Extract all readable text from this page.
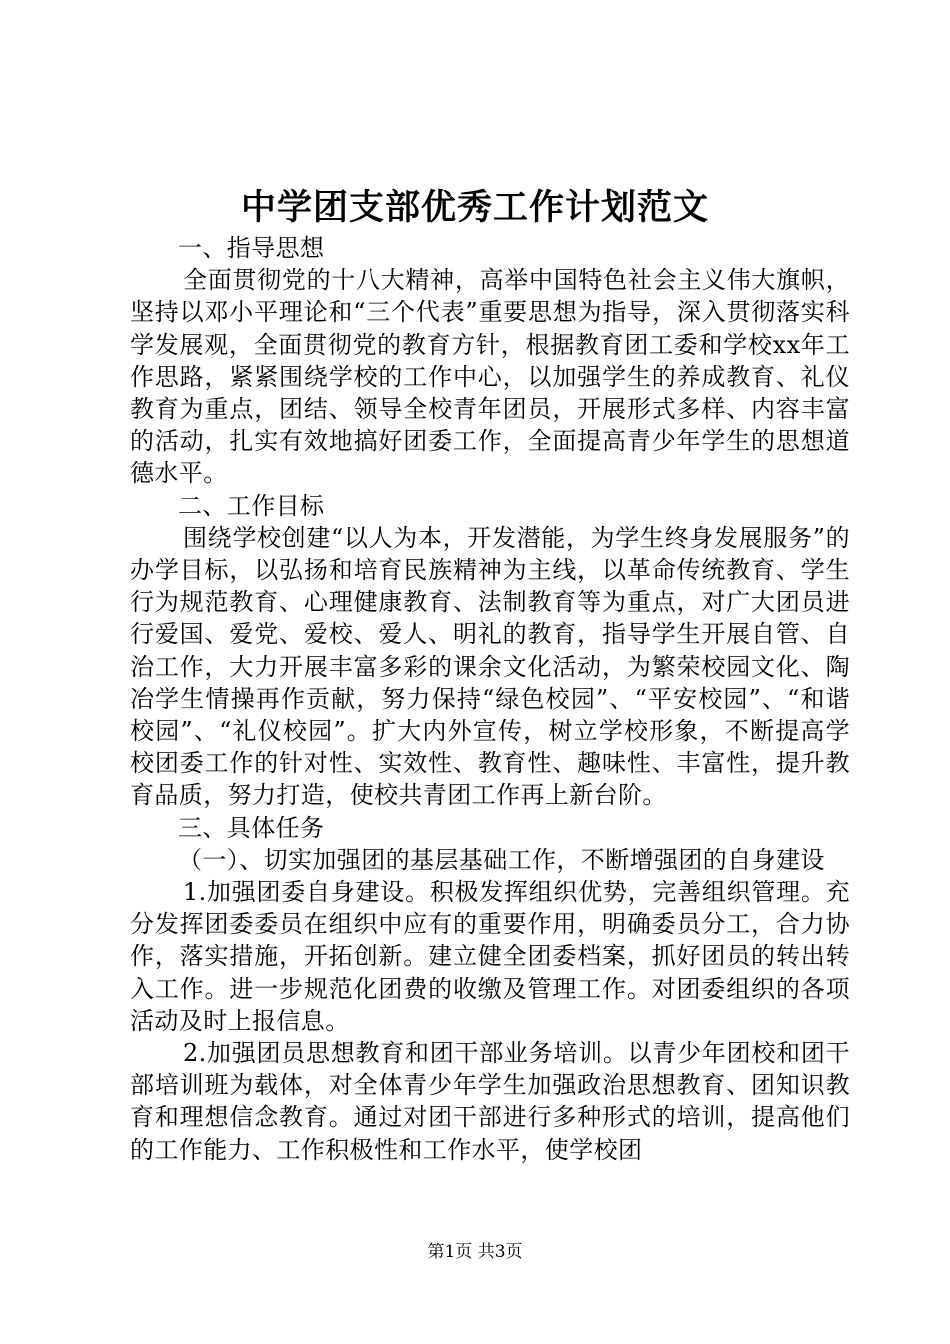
中学团支部优秀工作计划范文

一、指导思想

全面贯彻党的十八大精神，高举中国特色社会主义伟大旗帜，坚持以邓小平理论和“三个代表”重要思想为指导，深入贯彻落实科学发展观，全面贯彻党的教育方针，根据教育团工委和学校xx年工作思路，紧紧围绕学校的工作中心，以加强学生的养成教育、礼仪教育为重点，团结、领导全校青年团员，开展形式多样、内容丰富的活动，扎实有效地搞好团委工作，全面提高青少年学生的思想道德水平。

二、工作目标

围绕学校创建“以人为本，开发潜能，为学生终身发展服务”的办学目标，以弘扬和培育民族精神为主线，以革命传统教育、学生行为规范教育、心理健康教育、法制教育等为重点，对广大团员进行爱国、爱党、爱校、爱人、明礼的教育，指导学生开展自管、自治工作，大力开展丰富多彩的课余文化活动，为繁荣校园文化、陶冶学生情操再作贡献，努力保持“绿色校园”、“平安校园”、“和谐校园”、“礼仪校园”。扩大内外宣传，树立学校形象，不断提高学校团委工作的针对性、实效性、教育性、趣味性、丰富性，提升教育品质，努力打造，使校共青团工作再上新台阶。

三、具体任务

（一）、切实加强团的基层基础工作，不断增强团的自身建设

1.加强团委自身建设。积极发挥组织优势，完善组织管理。充分发挥团委委员在组织中应有的重要作用，明确委员分工，合力协作，落实措施，开拓创新。建立健全团委档案，抓好团员的转出转入工作。进一步规范化团费的收缴及管理工作。对团委组织的各项活动及时上报信息。

2.加强团员思想教育和团干部业务培训。以青少年团校和团干部培训班为载体，对全体青少年学生加强政治思想教育、团知识教育和理想信念教育。通过对团干部进行多种形式的培训，提高他们的工作能力、工作积极性和工作水平，使学校团

第1页 共3页
